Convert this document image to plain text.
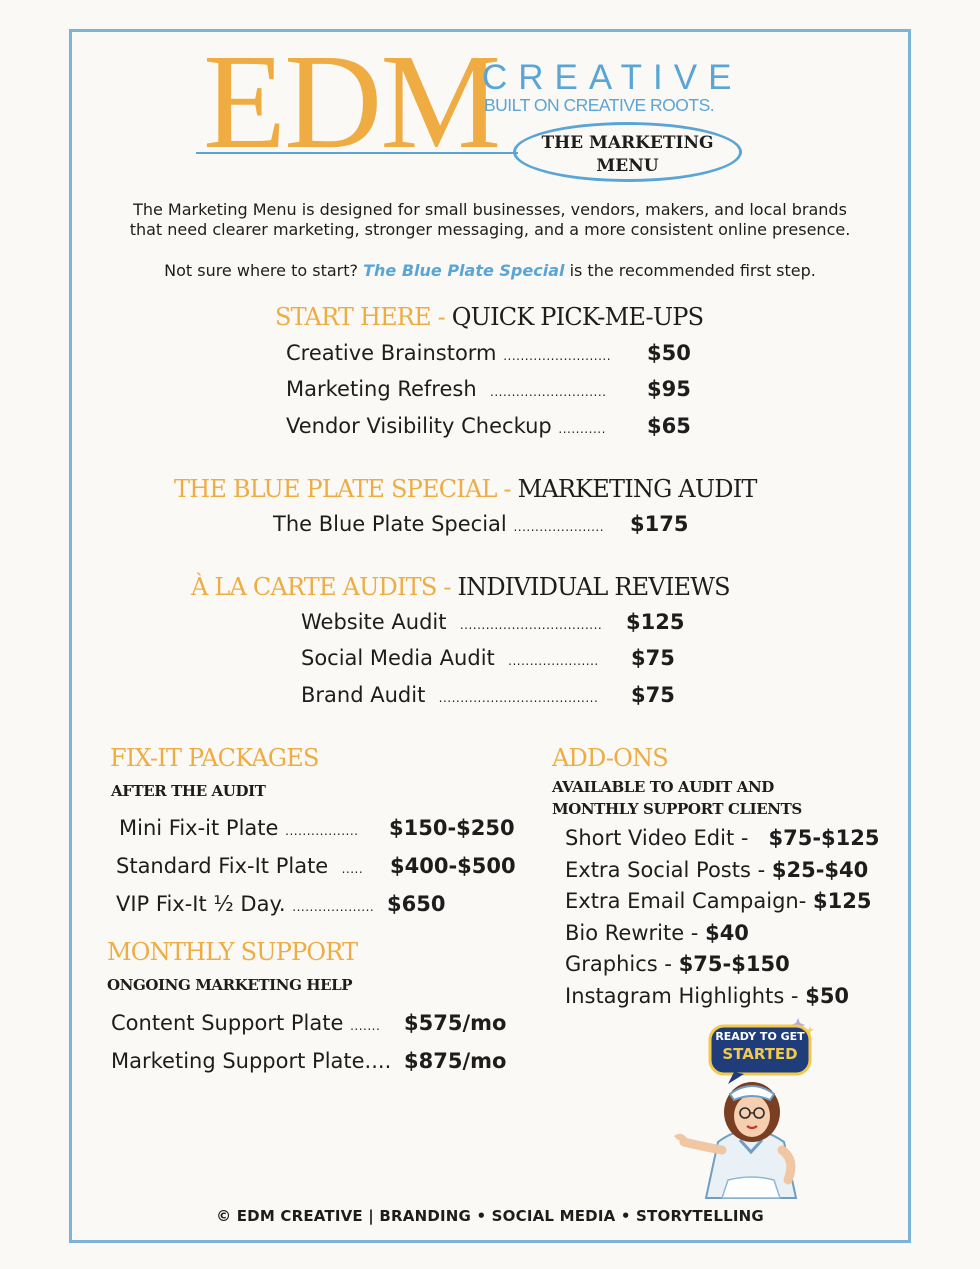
EDM
CREATIVE
BUILT ON CREATIVE ROOTS.
THE MARKETING
MENU
The Marketing Menu is designed for small businesses, vendors, makers, and local brands
that need clearer marketing, stronger messaging, and a more consistent online presence.
Not sure where to start? The Blue Plate Special is the recommended first step.
START HERE - QUICK PICK-ME-UPS
Creative Brainstorm ......................... $50
Marketing Refresh ........................... $95
Vendor Visibility Checkup ........... $65
THE BLUE PLATE SPECIAL - MARKETING AUDIT
The Blue Plate Special ..................... $175
À LA CARTE AUDITS - INDIVIDUAL REVIEWS
Website Audit ................................. $125
Social Media Audit ..................... $75
Brand Audit ..................................... $75
FIX-IT PACKAGES
AFTER THE AUDIT
Mini Fix-it Plate ................. $150-$250
Standard Fix-It Plate ..... $400-$500
VIP Fix-It ½ Day. ................... $650
MONTHLY SUPPORT
ONGOING MARKETING HELP
Content Support Plate ....... $575/mo
Marketing Support Plate.... $875/mo
ADD-ONS
AVAILABLE TO AUDIT AND
MONTHLY SUPPORT CLIENTS
Short Video Edit - $75-$125
Extra Social Posts - $25-$40
Extra Email Campaign- $125
Bio Rewrite - $40
Graphics - $75-$150
Instagram Highlights - $50
READY TO GET
STARTED
© EDM CREATIVE | BRANDING • SOCIAL MEDIA • STORYTELLING
